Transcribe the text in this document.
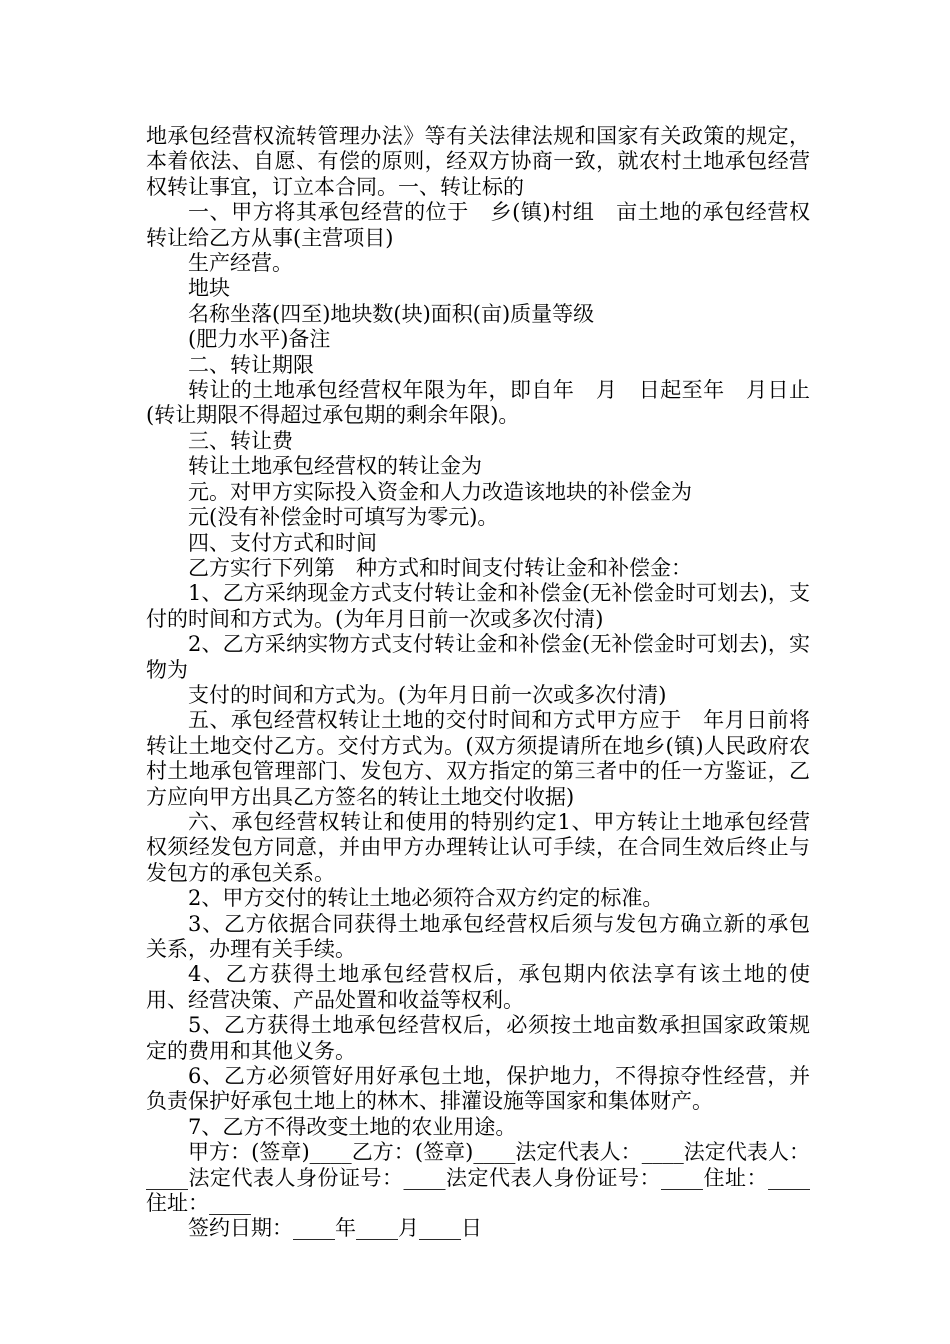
地承包经营权流转管理办法》等有关法律法规和国家有关政策的规定，本着依法、自愿、有偿的原则，经双方协商一致，就农村土地承包经营权转让事宜，订立本合同。一、转让标的

一、甲方将其承包经营的位于　乡(镇)村组　亩土地的承包经营权转让给乙方从事(主营项目)

生产经营。

地块

名称坐落(四至)地块数(块)面积(亩)质量等级

(肥力水平)备注

二、转让期限

转让的土地承包经营权年限为年，即自年　月　日起至年　月日止(转让期限不得超过承包期的剩余年限)。

三、转让费

转让土地承包经营权的转让金为

元。对甲方实际投入资金和人力改造该地块的补偿金为

元(没有补偿金时可填写为零元)。

四、支付方式和时间

乙方实行下列第　种方式和时间支付转让金和补偿金：

1、乙方采纳现金方式支付转让金和补偿金(无补偿金时可划去)，支付的时间和方式为。(为年月日前一次或多次付清)

2、乙方采纳实物方式支付转让金和补偿金(无补偿金时可划去)，实物为

支付的时间和方式为。(为年月日前一次或多次付清)

五、承包经营权转让土地的交付时间和方式甲方应于　年月日前将转让土地交付乙方。交付方式为。(双方须提请所在地乡(镇)人民政府农村土地承包管理部门、发包方、双方指定的第三者中的任一方鉴证，乙方应向甲方出具乙方签名的转让土地交付收据)

六、承包经营权转让和使用的特别约定1、甲方转让土地承包经营权须经发包方同意，并由甲方办理转让认可手续，在合同生效后终止与发包方的承包关系。

2、甲方交付的转让土地必须符合双方约定的标准。

3、乙方依据合同获得土地承包经营权后须与发包方确立新的承包关系，办理有关手续。

4、乙方获得土地承包经营权后，承包期内依法享有该土地的使用、经营决策、产品处置和收益等权利。

5、乙方获得土地承包经营权后，必须按土地亩数承担国家政策规定的费用和其他义务。

6、乙方必须管好用好承包土地，保护地力，不得掠夺性经营，并负责保护好承包土地上的林木、排灌设施等国家和集体财产。

7、乙方不得改变土地的农业用途。

甲方：(签章)____乙方：(签章)____法定代表人：____法定代表人：____法定代表人身份证号：____法定代表人身份证号：____住址：____住址：____

签约日期：____年____月____日
